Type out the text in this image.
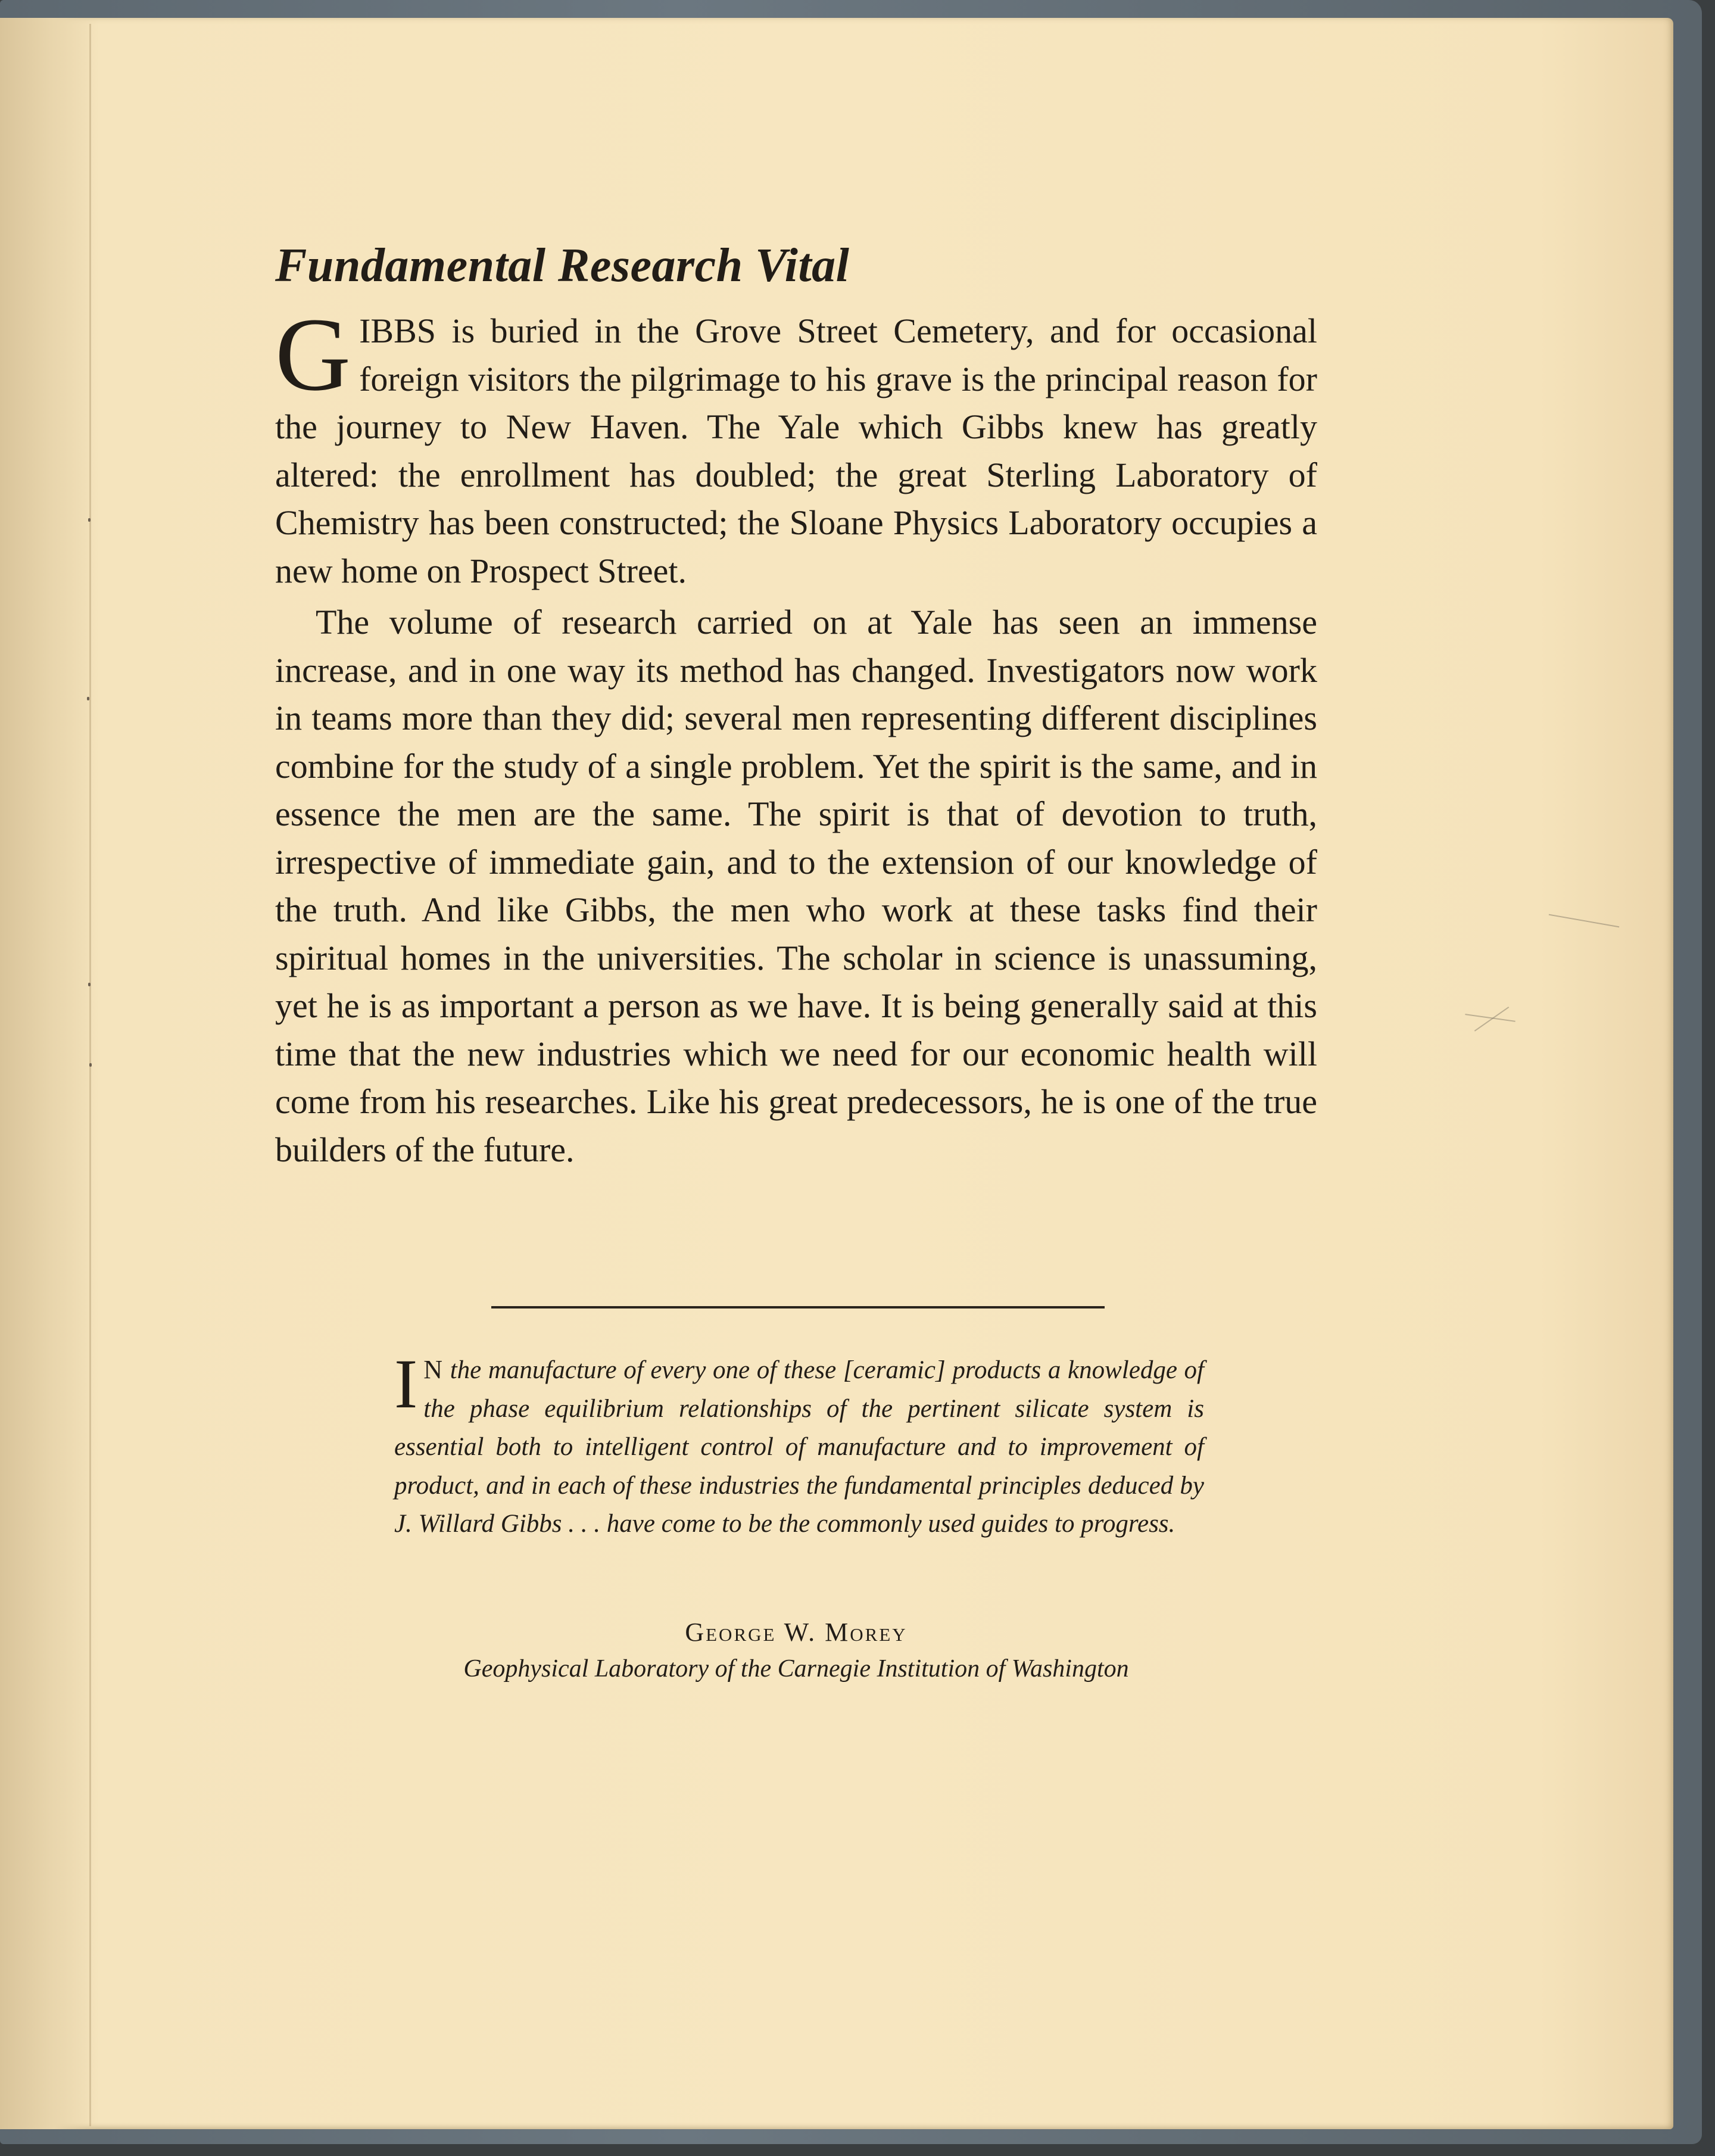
Fundamental Research Vital

GIBBS is buried in the Grove Street Cemetery, and for occasional foreign visitors the pilgrimage to his grave is the principal reason for the journey to New Haven. The Yale which Gibbs knew has greatly altered: the enrollment has doubled; the great Sterling Laboratory of Chemistry has been constructed; the Sloane Physics Laboratory occupies a new home on Prospect Street.

The volume of research carried on at Yale has seen an immense increase, and in one way its method has changed. Investigators now work in teams more than they did; several men representing different disciplines combine for the study of a single problem. Yet the spirit is the same, and in essence the men are the same. The spirit is that of devotion to truth, irrespective of immediate gain, and to the extension of our knowledge of the truth. And like Gibbs, the men who work at these tasks find their spiritual homes in the universities. The scholar in science is unassuming, yet he is as important a person as we have. It is being generally said at this time that the new industries which we need for our economic health will come from his researches. Like his great predecessors, he is one of the true builders of the future.

I N the manufacture of every one of these [ceramic] products a knowledge of the phase equilibrium relationships of the pertinent silicate system is essential both to intelligent control of manufacture and to improvement of product, and in each of these industries the fundamental principles deduced by J. Willard Gibbs . . . have come to be the commonly used guides to progress.

George W. Morey

Geophysical Laboratory of the Carnegie Institution of Washington
